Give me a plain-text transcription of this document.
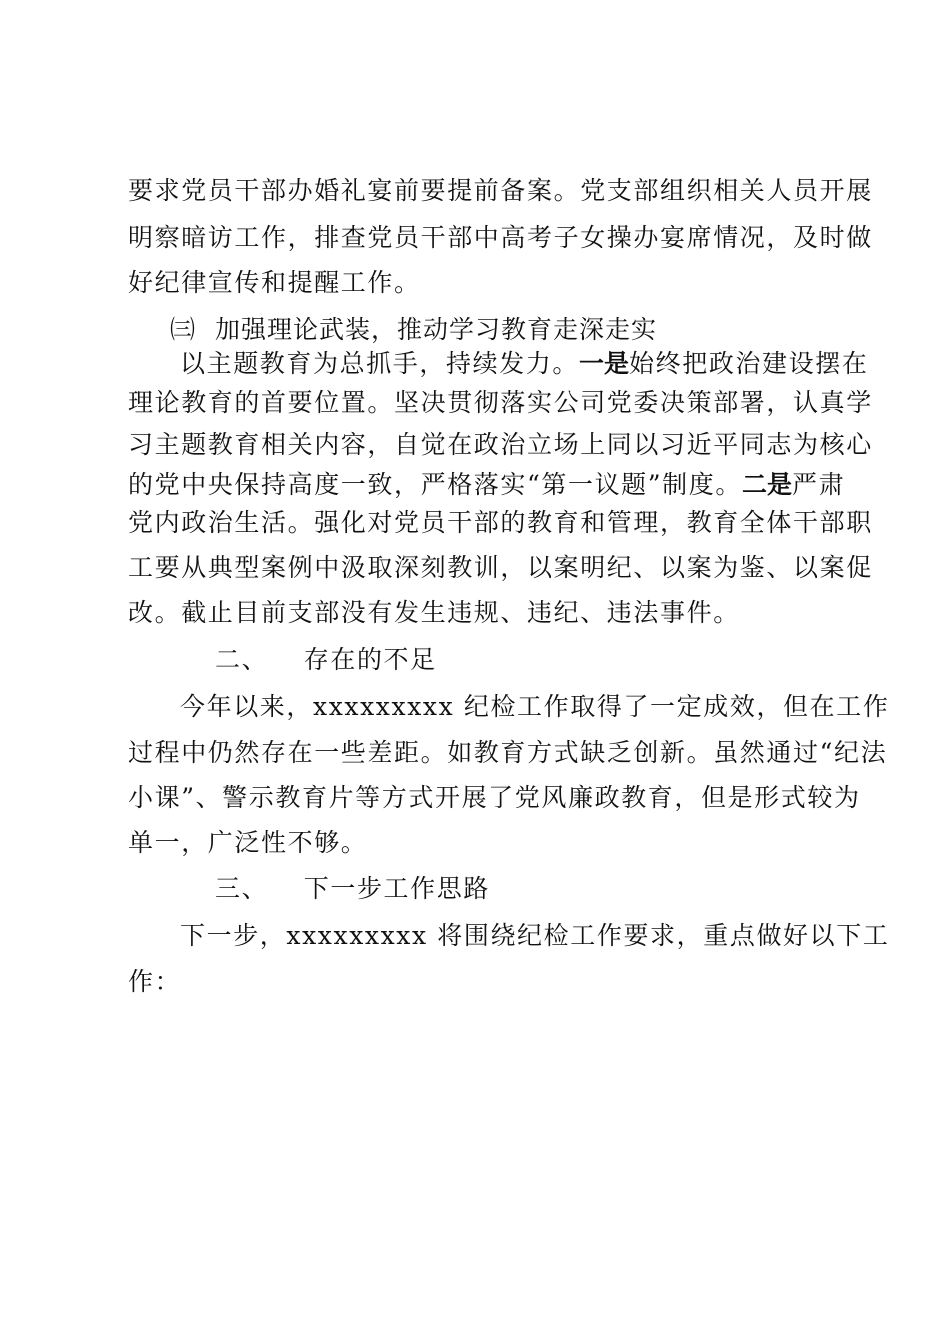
要求党员干部办婚礼宴前要提前备案。党支部组织相关人员开展
明察暗访工作，排查党员干部中高考子女操办宴席情况，及时做
好纪律宣传和提醒工作。
㈢ 加强理论武装，推动学习教育走深走实
以主题教育为总抓手，持续发力。一是始终把政治建设摆在
理论教育的首要位置。坚决贯彻落实公司党委决策部署，认真学
习主题教育相关内容，自觉在政治立场上同以习近平同志为核心
的党中央保持高度一致，严格落实“第一议题”制度。二是严肃
党内政治生活。强化对党员干部的教育和管理，教育全体干部职
工要从典型案例中汲取深刻教训，以案明纪、以案为鉴、以案促
改。截止目前支部没有发生违规、违纪、违法事件。
二、 存在的不足
今年以来，xxxxxxxxx 纪检工作取得了一定成效，但在工作
过程中仍然存在一些差距。如教育方式缺乏创新。虽然通过“纪法
小课”、警示教育片等方式开展了党风廉政教育，但是形式较为
单一，广泛性不够。
三、 下一步工作思路
下一步，xxxxxxxxx 将围绕纪检工作要求，重点做好以下工
作：
